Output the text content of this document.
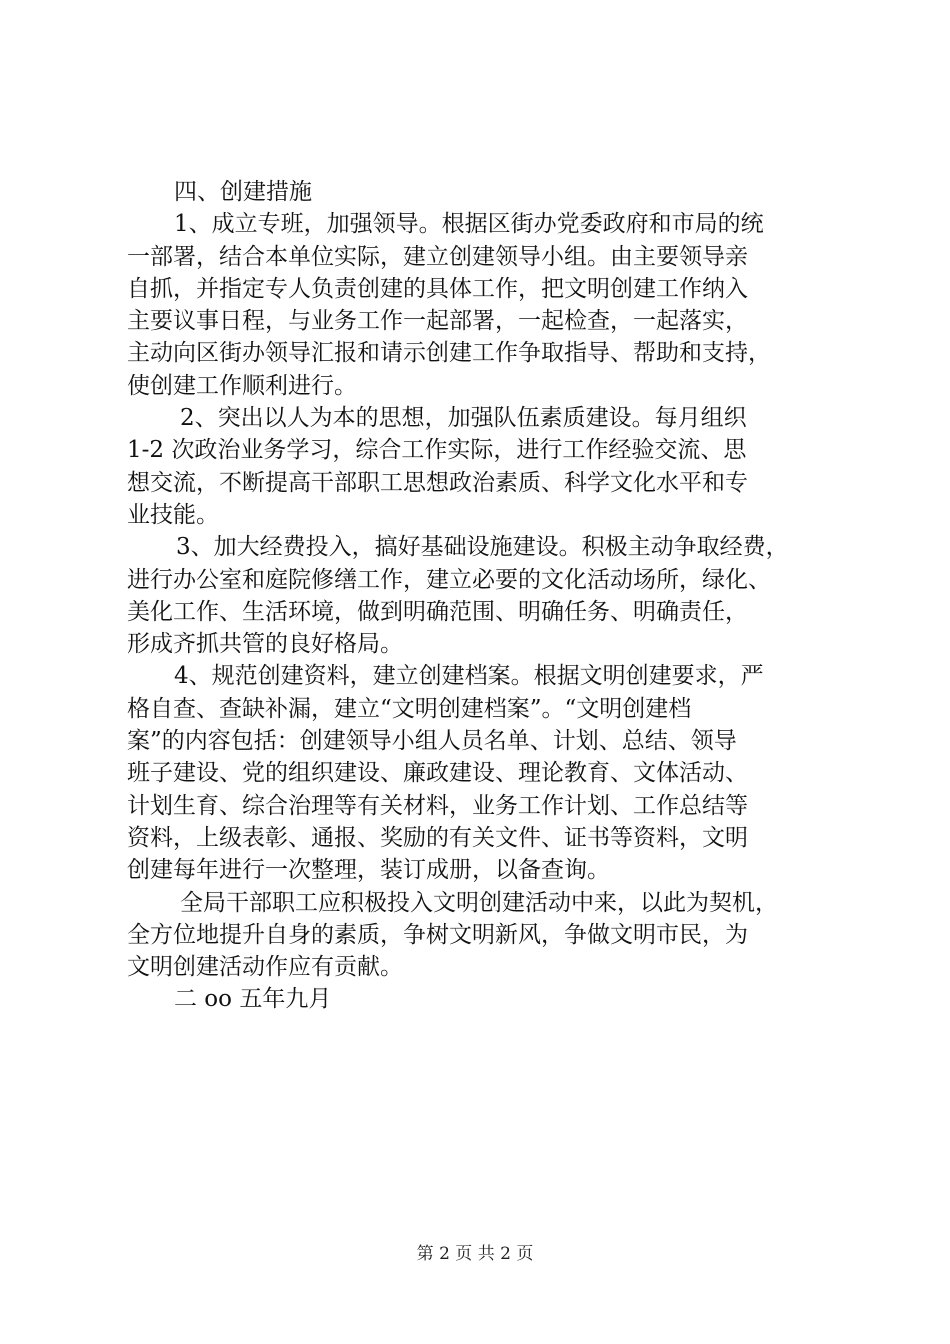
四、创建措施
1、成立专班，加强领导。根据区街办党委政府和市局的统
一部署，结合本单位实际，建立创建领导小组。由主要领导亲
自抓，并指定专人负责创建的具体工作，把文明创建工作纳入
主要议事日程，与业务工作一起部署，一起检查，一起落实，
主动向区街办领导汇报和请示创建工作争取指导、帮助和支持，
使创建工作顺利进行。
2、突出以人为本的思想，加强队伍素质建设。每月组织
1-2 次政治业务学习，综合工作实际，进行工作经验交流、思
想交流，不断提高干部职工思想政治素质、科学文化水平和专
业技能。
3、加大经费投入，搞好基础设施建设。积极主动争取经费，
进行办公室和庭院修缮工作，建立必要的文化活动场所，绿化、
美化工作、生活环境，做到明确范围、明确任务、明确责任，
形成齐抓共管的良好格局。
4、规范创建资料，建立创建档案。根据文明创建要求，严
格自查、查缺补漏，建立“文明创建档案”。“文明创建档
案”的内容包括：创建领导小组人员名单、计划、总结、领导
班子建设、党的组织建设、廉政建设、理论教育、文体活动、
计划生育、综合治理等有关材料，业务工作计划、工作总结等
资料，上级表彰、通报、奖励的有关文件、证书等资料，文明
创建每年进行一次整理，装订成册，以备查询。
全局干部职工应积极投入文明创建活动中来，以此为契机，
全方位地提升自身的素质，争树文明新风，争做文明市民，为
文明创建活动作应有贡献。
二 oo 五年九月
第 2 页 共 2 页
